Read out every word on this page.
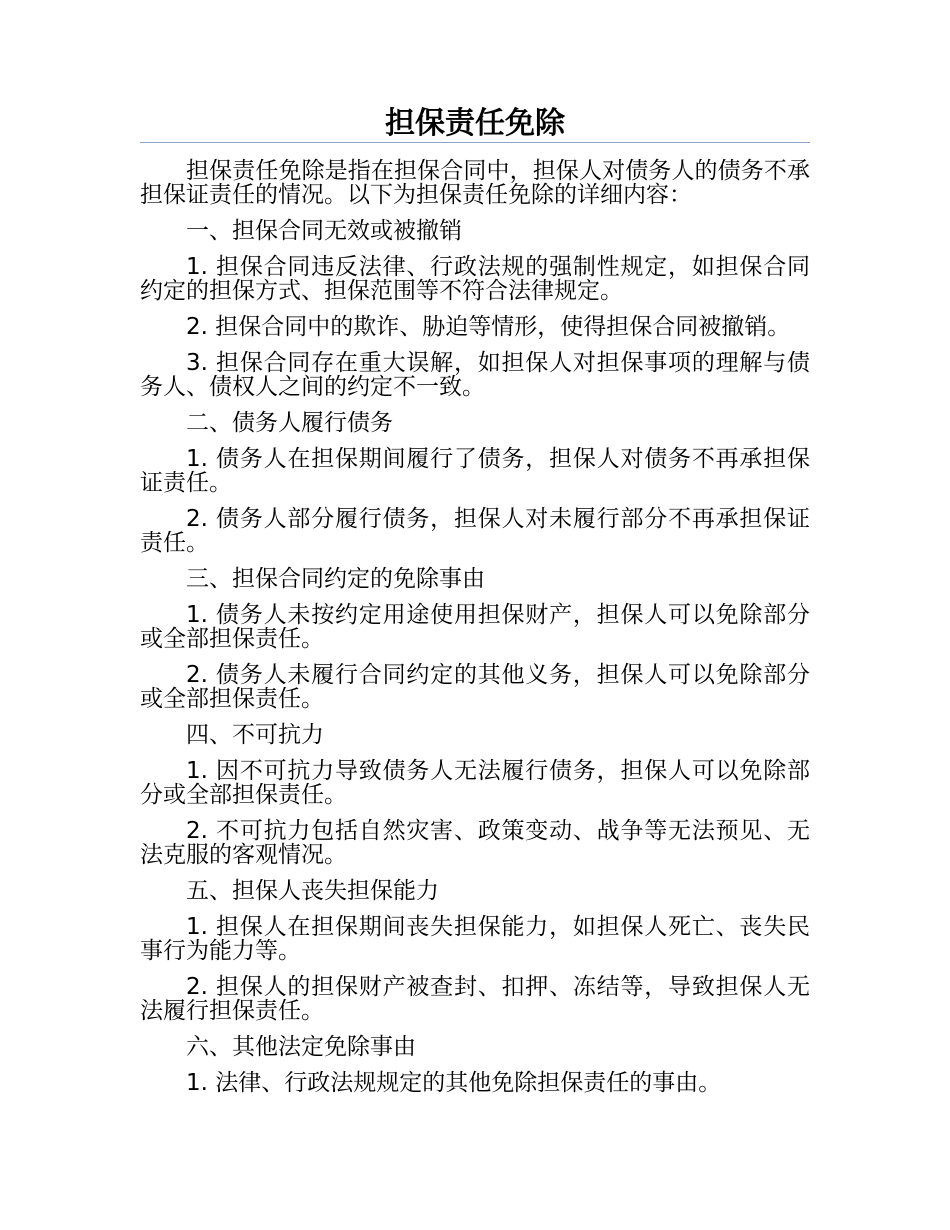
担保责任免除

担保责任免除是指在担保合同中，担保人对债务人的债务不承担保证责任的情况。以下为担保责任免除的详细内容：

一、担保合同无效或被撤销

1. 担保合同违反法律、行政法规的强制性规定，如担保合同约定的担保方式、担保范围等不符合法律规定。

2. 担保合同中的欺诈、胁迫等情形，使得担保合同被撤销。

3. 担保合同存在重大误解，如担保人对担保事项的理解与债务人、债权人之间的约定不一致。

二、债务人履行债务

1. 债务人在担保期间履行了债务，担保人对债务不再承担保证责任。

2. 债务人部分履行债务，担保人对未履行部分不再承担保证责任。

三、担保合同约定的免除事由

1. 债务人未按约定用途使用担保财产，担保人可以免除部分或全部担保责任。

2. 债务人未履行合同约定的其他义务，担保人可以免除部分或全部担保责任。

四、不可抗力

1. 因不可抗力导致债务人无法履行债务，担保人可以免除部分或全部担保责任。

2. 不可抗力包括自然灾害、政策变动、战争等无法预见、无法克服的客观情况。

五、担保人丧失担保能力

1. 担保人在担保期间丧失担保能力，如担保人死亡、丧失民事行为能力等。

2. 担保人的担保财产被查封、扣押、冻结等，导致担保人无法履行担保责任。

六、其他法定免除事由

1. 法律、行政法规规定的其他免除担保责任的事由。
